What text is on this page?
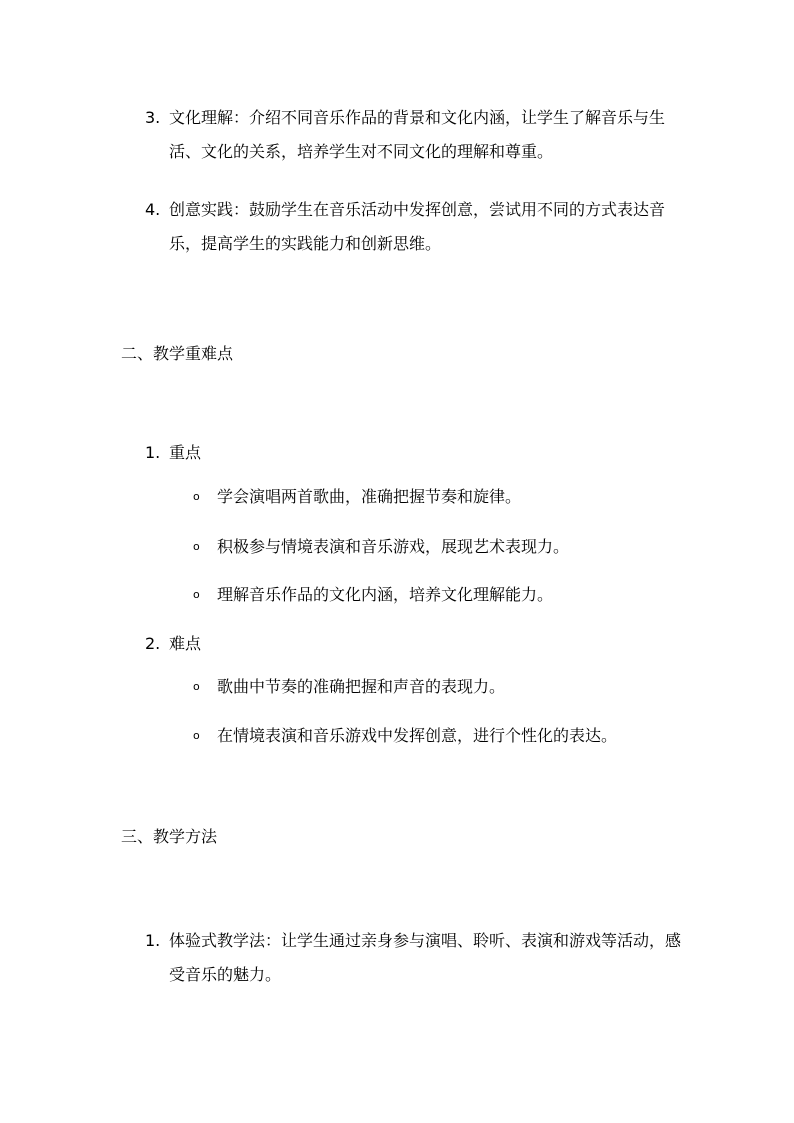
3. 文化理解：介绍不同音乐作品的背景和文化内涵，让学生了解音乐与生活、文化的关系，培养学生对不同文化的理解和尊重。
4. 创意实践：鼓励学生在音乐活动中发挥创意，尝试用不同的方式表达音乐，提高学生的实践能力和创新思维。
二、教学重难点
1. 重点
o 学会演唱两首歌曲，准确把握节奏和旋律。
o 积极参与情境表演和音乐游戏，展现艺术表现力。
o 理解音乐作品的文化内涵，培养文化理解能力。
2. 难点
o 歌曲中节奏的准确把握和声音的表现力。
o 在情境表演和音乐游戏中发挥创意，进行个性化的表达。
三、教学方法
1. 体验式教学法：让学生通过亲身参与演唱、聆听、表演和游戏等活动，感受音乐的魅力。
